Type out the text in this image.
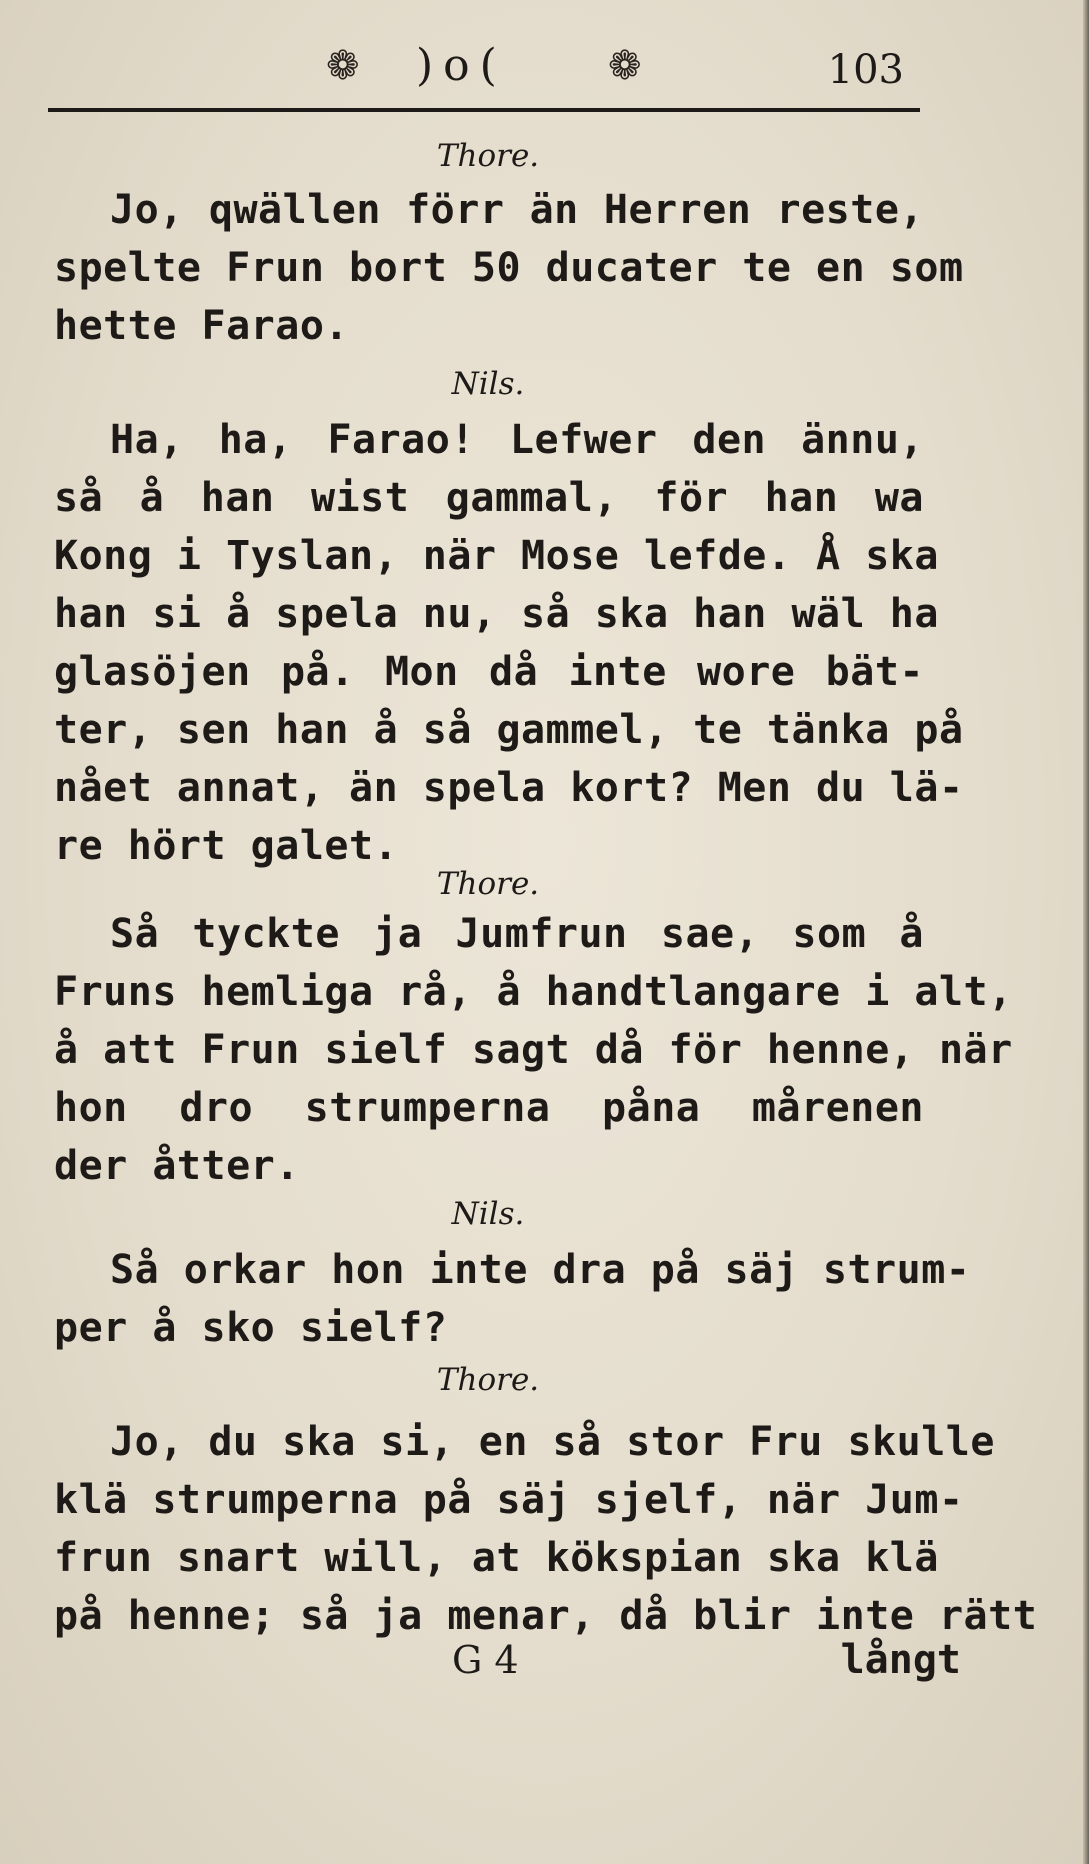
❁ )o(	❁	103
Thore.
Jo, qwällen förr än Herren reste,
spelte Frun bort 50 ducater te en som
hette Farao.
Nils.
Ha, ha, Farao! Lefwer den ännu,
så å han wist gammal, för han wa
Kong i Tyslan, när Mose lefde. Å ska
han si å spela nu, så ska han wäl ha
glasöjen på. Mon då inte wore bät-
ter, sen han å så gammel, te tänka på
nået annat, än spela kort? Men du lä-
re hört galet.
Thore.
Så tyckte ja Jumfrun sae, som å
Fruns hemliga rå, å handtlangare i alt,
å att Frun sielf sagt då för henne, när
hon dro strumperna påna mårenen
der åtter.
Nils.
Så orkar hon inte dra på säj strum-
per å sko sielf?
Thore.
Jo, du ska si, en så stor Fru skulle
klä strumperna på säj sjelf, när Jum-
frun snart will, at kökspian ska klä
på henne; så ja menar, då blir inte rätt
G 4	långt
